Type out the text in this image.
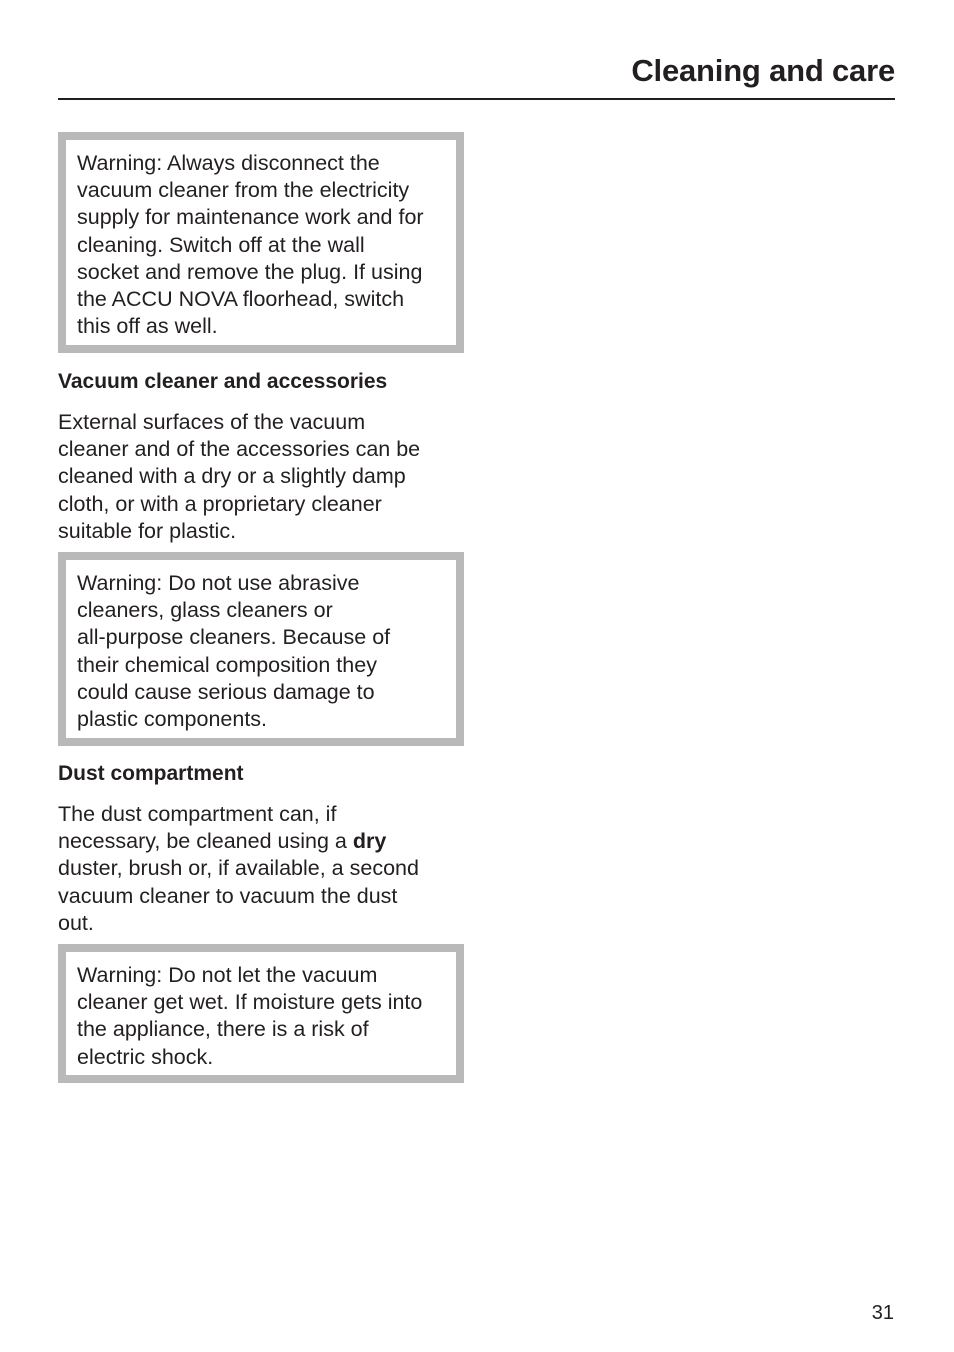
Cleaning and care

Warning: Always disconnect the
vacuum cleaner from the electricity
supply for maintenance work and for
cleaning. Switch off at the wall
socket and remove the plug. If using
the ACCU NOVA floorhead, switch
this off as well.

Vacuum cleaner and accessories

External surfaces of the vacuum
cleaner and of the accessories can be
cleaned with a dry or a slightly damp
cloth, or with a proprietary cleaner
suitable for plastic.

Warning: Do not use abrasive
cleaners, glass cleaners or
all-purpose cleaners. Because of
their chemical composition they
could cause serious damage to
plastic components.

Dust compartment

The dust compartment can, if
necessary, be cleaned using a dry
duster, brush or, if available, a second
vacuum cleaner to vacuum the dust
out.

Warning: Do not let the vacuum
cleaner get wet. If moisture gets into
the appliance, there is a risk of
electric shock.

31
